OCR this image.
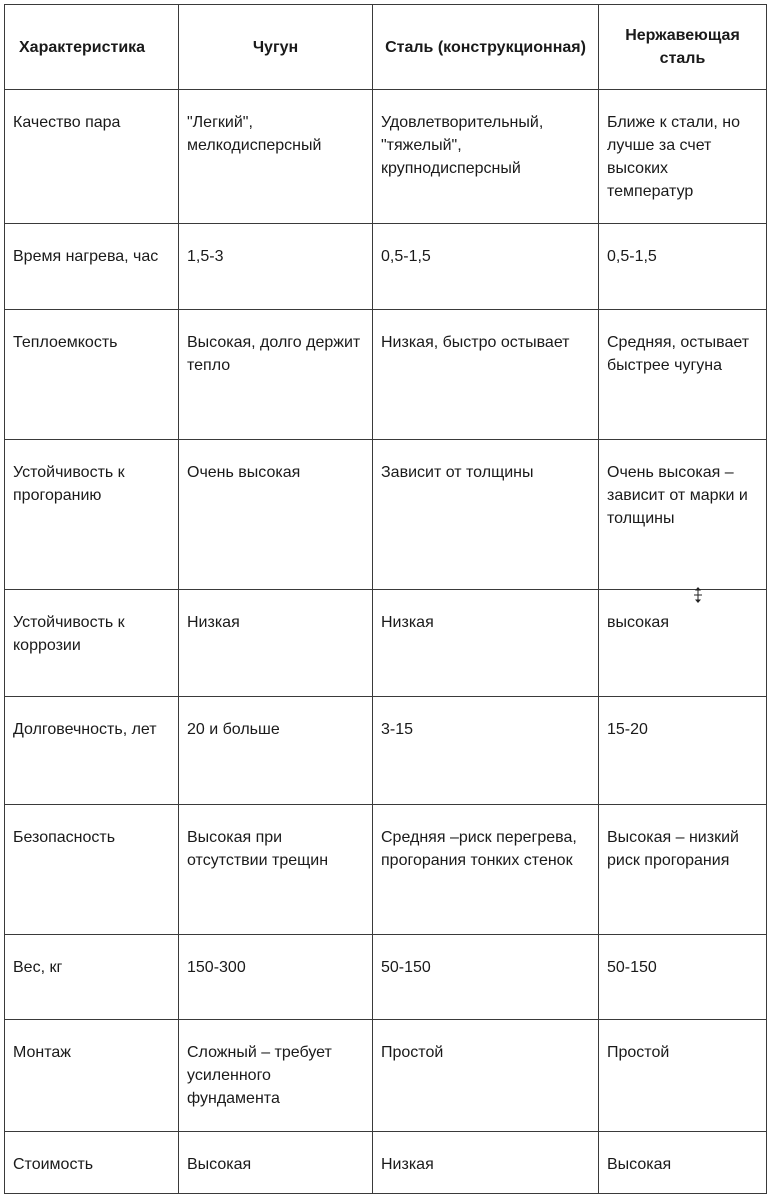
Характеристика	Чугун	Сталь (конструкционная)	Нержавеющая сталь
Качество пара	"Легкий", мелкодисперсный	Удовлетворительный, "тяжелый", крупнодисперсный	Ближе к стали, но лучше за счет высоких температур
Время нагрева, час	1,5-3	0,5-1,5	0,5-1,5
Теплоемкость	Высокая, долго держит тепло	Низкая, быстро остывает	Средняя, остывает быстрее чугуна
Устойчивость к прогоранию	Очень высокая	Зависит от толщины	Очень высокая – зависит от марки и толщины
Устойчивость к коррозии	Низкая	Низкая	высокая
Долговечность, лет	20 и больше	3-15	15-20
Безопасность	Высокая при отсутствии трещин	Средняя –риск перегрева, прогорания тонких стенок	Высокая – низкий риск прогорания
Вес, кг	150-300	50-150	50-150
Монтаж	Сложный – требует усиленного фундамента	Простой	Простой
Стоимость	Высокая	Низкая	Высокая
